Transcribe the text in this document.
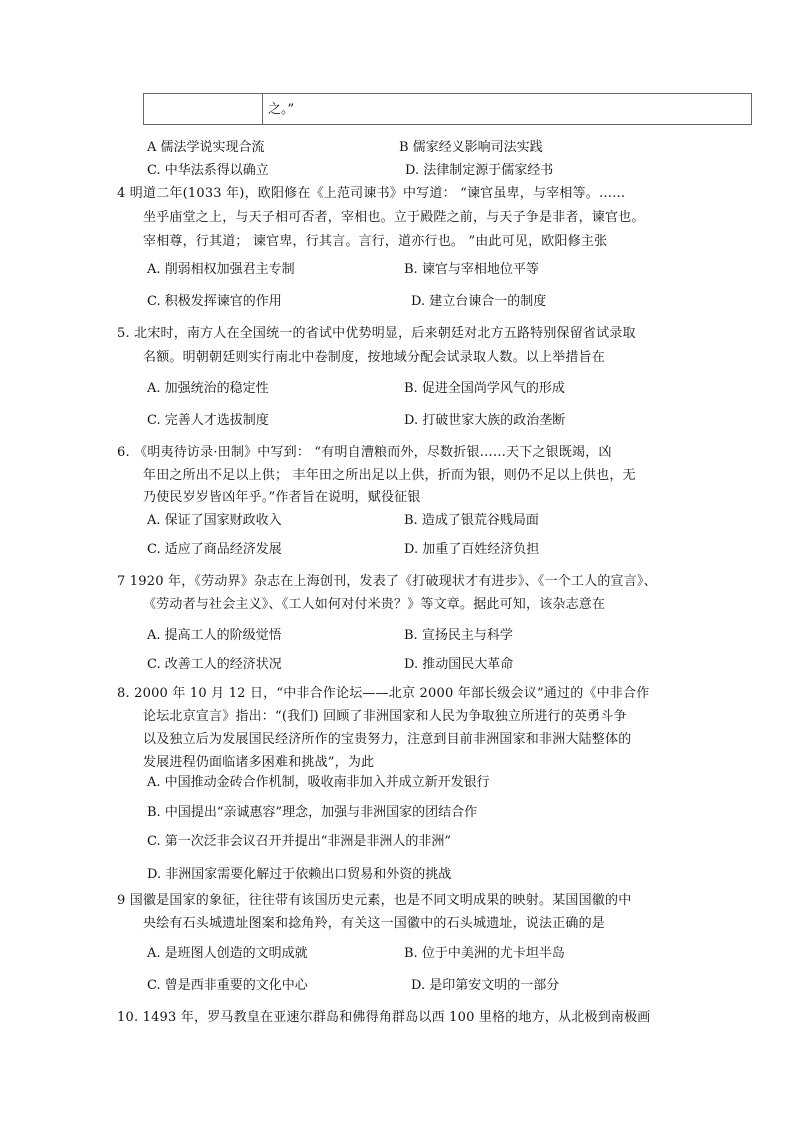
之。”
A 儒法学说实现合流	B 儒家经义影响司法实践
C. 中华法系得以确立	D. 法律制定源于儒家经书
4 明道二年(1033 年)，欧阳修在《上范司谏书》中写道： “谏官虽卑，与宰相等。……
坐乎庙堂之上，与天子相可否者，宰相也。立于殿陛之前，与天子争是非者，谏官也。
宰相尊，行其道； 谏官卑，行其言。言行，道亦行也。 ”由此可见，欧阳修主张
A. 削弱相权加强君主专制	B. 谏官与宰相地位平等
C. 积极发挥谏官的作用	D. 建立台谏合一的制度
5. 北宋时，南方人在全国统一的省试中优势明显，后来朝廷对北方五路特别保留省试录取
名额。明朝朝廷则实行南北中卷制度，按地域分配会试录取人数。以上举措旨在
A. 加强统治的稳定性	B. 促进全国尚学风气的形成
C. 完善人才选拔制度	D. 打破世家大族的政治垄断
6. 《明夷待访录·田制》中写到： “有明自漕粮而外，尽数折银……天下之银既竭，凶
年田之所出不足以上供； 丰年田之所出足以上供，折而为银，则仍不足以上供也，无
乃使民岁岁皆凶年乎。”作者旨在说明，赋役征银
A. 保证了国家财政收入	B. 造成了银荒谷贱局面
C. 适应了商品经济发展	D. 加重了百姓经济负担
7 1920 年，《劳动界》杂志在上海创刊，发表了《打破现状才有进步》、《一个工人的宣言》、
《劳动者与社会主义》、《工人如何对付米贵？》等文章。据此可知，该杂志意在
A. 提高工人的阶级觉悟	B. 宣扬民主与科学
C. 改善工人的经济状况	D. 推动国民大革命
8. 2000 年 10 月 12 日，“中非合作论坛——北京 2000 年部长级会议”通过的《中非合作
论坛北京宣言》指出：“(我们) 回顾了非洲国家和人民为争取独立所进行的英勇斗争
以及独立后为发展国民经济所作的宝贵努力，注意到目前非洲国家和非洲大陆整体的
发展进程仍面临诸多困难和挑战”，为此
A. 中国推动金砖合作机制，吸收南非加入并成立新开发银行
B. 中国提出“亲诚惠容”理念，加强与非洲国家的团结合作
C. 第一次泛非会议召开并提出“非洲是非洲人的非洲”
D. 非洲国家需要化解过于依赖出口贸易和外资的挑战
9 国徽是国家的象征，往往带有该国历史元素，也是不同文明成果的映射。某国国徽的中
央绘有石头城遗址图案和捻角羚，有关这一国徽中的石头城遗址，说法正确的是
A. 是班图人创造的文明成就	B. 位于中美洲的尤卡坦半岛
C. 曾是西非重要的文化中心	D. 是印第安文明的一部分
10. 1493 年，罗马教皇在亚速尔群岛和佛得角群岛以西 100 里格的地方，从北极到南极画
